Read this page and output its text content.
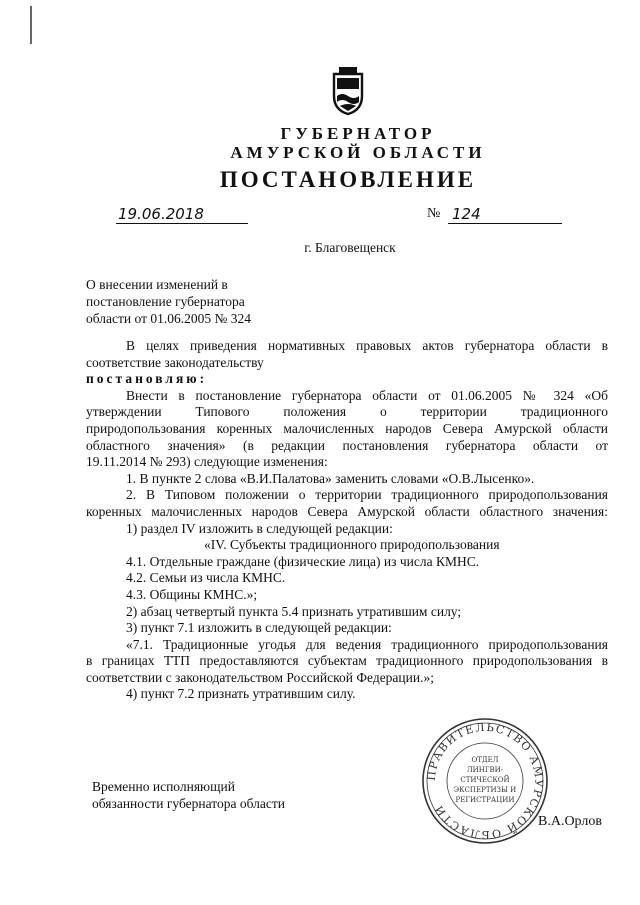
ГУБЕРНАТОР
АМУРСКОЙ ОБЛАСТИ
ПОСТАНОВЛЕНИЕ
19.06.2018	№ 124
г. Благовещенск
О внесении изменений в
постановление губернатора
области от 01.06.2005 № 324

В целях приведения нормативных правовых актов губернатора области в

соответствие законодательству

постановляю:

Внести в постановление губернатора области от 01.06.2005 № 324 «Об

утверждении Типового положения о территории традиционного

природопользования коренных малочисленных народов Севера Амурской области

областного значения» (в редакции постановления губернатора области от

19.11.2014 № 293) следующие изменения:

1. В пункте 2 слова «В.И.Палатова» заменить словами «О.В.Лысенко».

2. В Типовом положении о территории традиционного природопользования

коренных малочисленных народов Севера Амурской области областного значения:

1) раздел IV изложить в следующей редакции:

«IV. Субъекты традиционного природопользования

4.1. Отдельные граждане (физические лица) из числа КМНС.

4.2. Семьи из числа КМНС.

4.3. Общины КМНС.»;

2) абзац четвертый пункта 5.4 признать утратившим силу;

3) пункт 7.1 изложить в следующей редакции:

«7.1. Традиционные угодья для ведения традиционного природопользования

в границах ТТП предоставляются субъектам традиционного природопользования в

соответствии с законодательством Российской Федерации.»;

4) пункт 7.2 признать утратившим силу.

Временно исполняющий
обязанности губернатора области
ПРАВИТЕЛЬСТВО АМУРСКОЙ ОБЛАСТИ
ОТДЕЛ
ЛИНГВИ-
СТИЧЕСКОЙ
ЭКСПЕРТИЗЫ И
РЕГИСТРАЦИИ
В.А.Орлов
